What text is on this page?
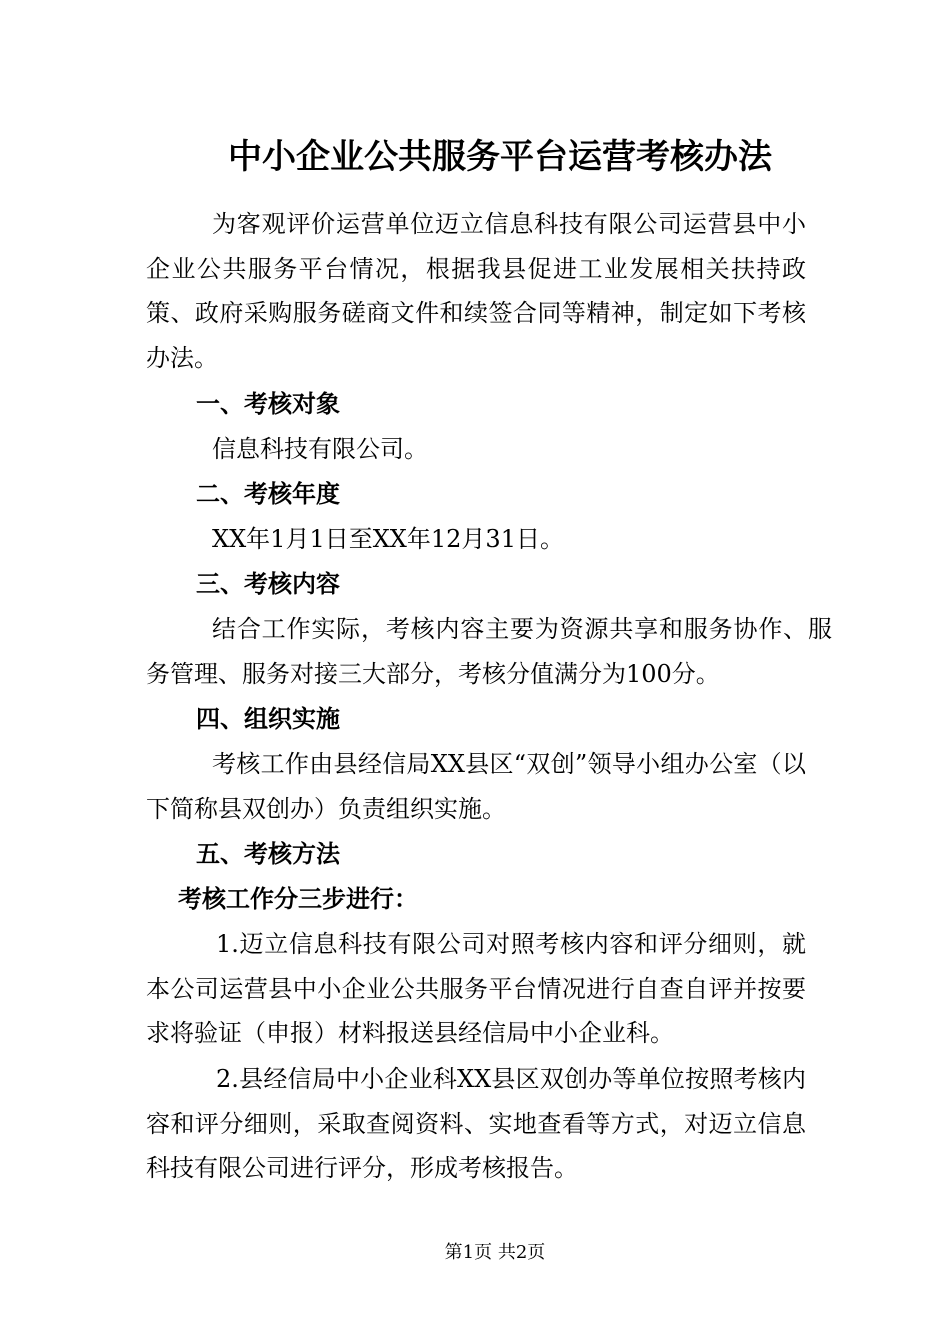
中小企业公共服务平台运营考核办法

为客观评价运营单位迈立信息科技有限公司运营县中小企业公共服务平台情况，根据我县促进工业发展相关扶持政策、政府采购服务磋商文件和续签合同等精神，制定如下考核办法。

一、考核对象

信息科技有限公司。

二、考核年度

XX年1月1日至XX年12月31日。

三、考核内容

结合工作实际，考核内容主要为资源共享和服务协作、服务管理、服务对接三大部分，考核分值满分为100分。

四、组织实施

考核工作由县经信局XX县区“双创”领导小组办公室（以下简称县双创办）负责组织实施。

五、考核方法
考核工作分三步进行：

1.迈立信息科技有限公司对照考核内容和评分细则，就本公司运营县中小企业公共服务平台情况进行自查自评并按要求将验证（申报）材料报送县经信局中小企业科。

2.县经信局中小企业科XX县区双创办等单位按照考核内容和评分细则，采取查阅资料、实地查看等方式，对迈立信息科技有限公司进行评分，形成考核报告。

第1页 共2页
